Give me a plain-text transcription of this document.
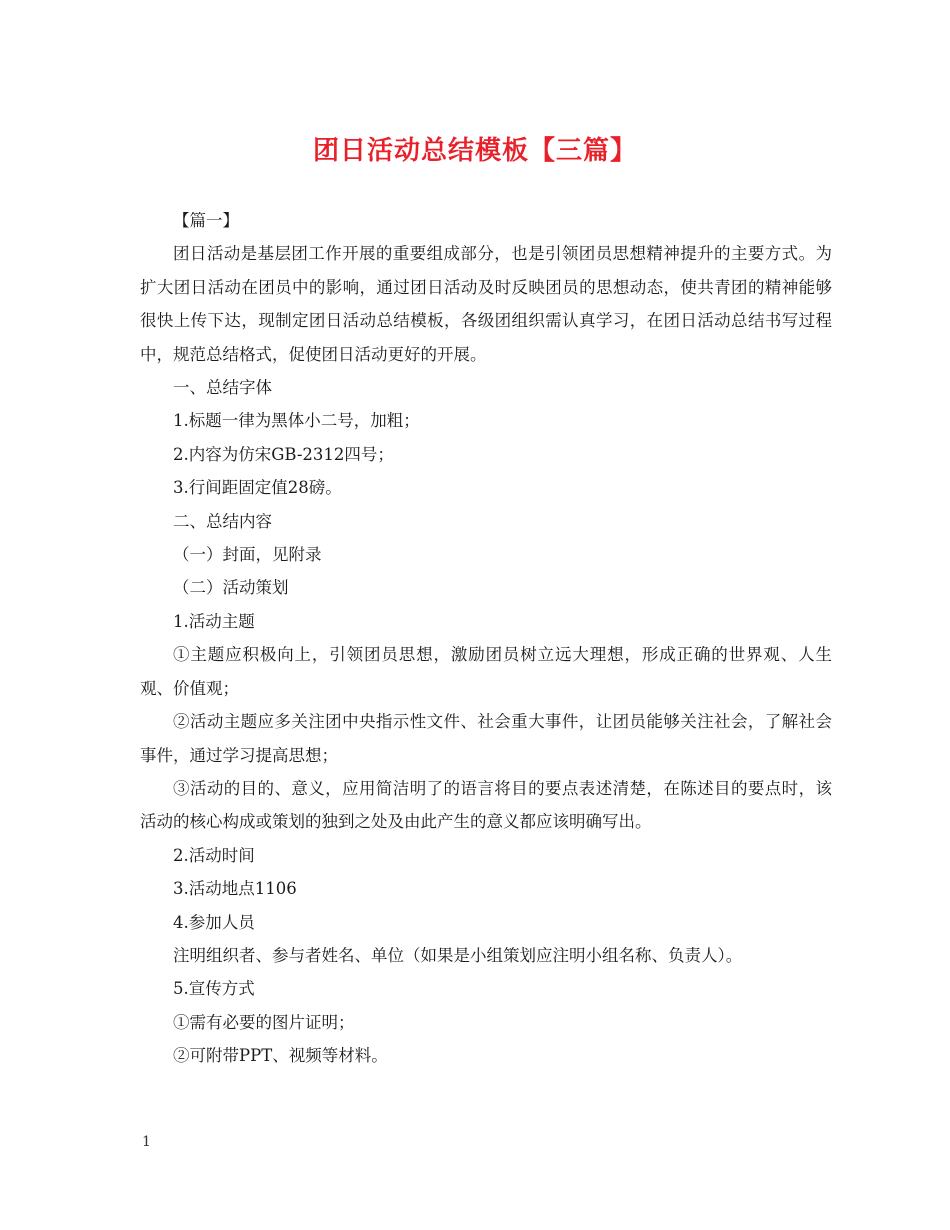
团日活动总结模板【三篇】

【篇一】

团日活动是基层团工作开展的重要组成部分，也是引领团员思想精神提升的主要方式。为扩大团日活动在团员中的影响，通过团日活动及时反映团员的思想动态，使共青团的精神能够很快上传下达，现制定团日活动总结模板，各级团组织需认真学习，在团日活动总结书写过程中，规范总结格式，促使团日活动更好的开展。

一、总结字体

1.标题一律为黑体小二号，加粗；

2.内容为仿宋GB-2312四号；

3.行间距固定值28磅。

二、总结内容

（一）封面，见附录

（二）活动策划

1.活动主题

①主题应积极向上，引领团员思想，激励团员树立远大理想，形成正确的世界观、人生观、价值观；

②活动主题应多关注团中央指示性文件、社会重大事件，让团员能够关注社会，了解社会事件，通过学习提高思想；

③活动的目的、意义，应用简洁明了的语言将目的要点表述清楚，在陈述目的要点时，该活动的核心构成或策划的独到之处及由此产生的意义都应该明确写出。

2.活动时间

3.活动地点1106

4.参加人员

注明组织者、参与者姓名、单位（如果是小组策划应注明小组名称、负责人）。

5.宣传方式

①需有必要的图片证明；

②可附带PPT、视频等材料。

1
